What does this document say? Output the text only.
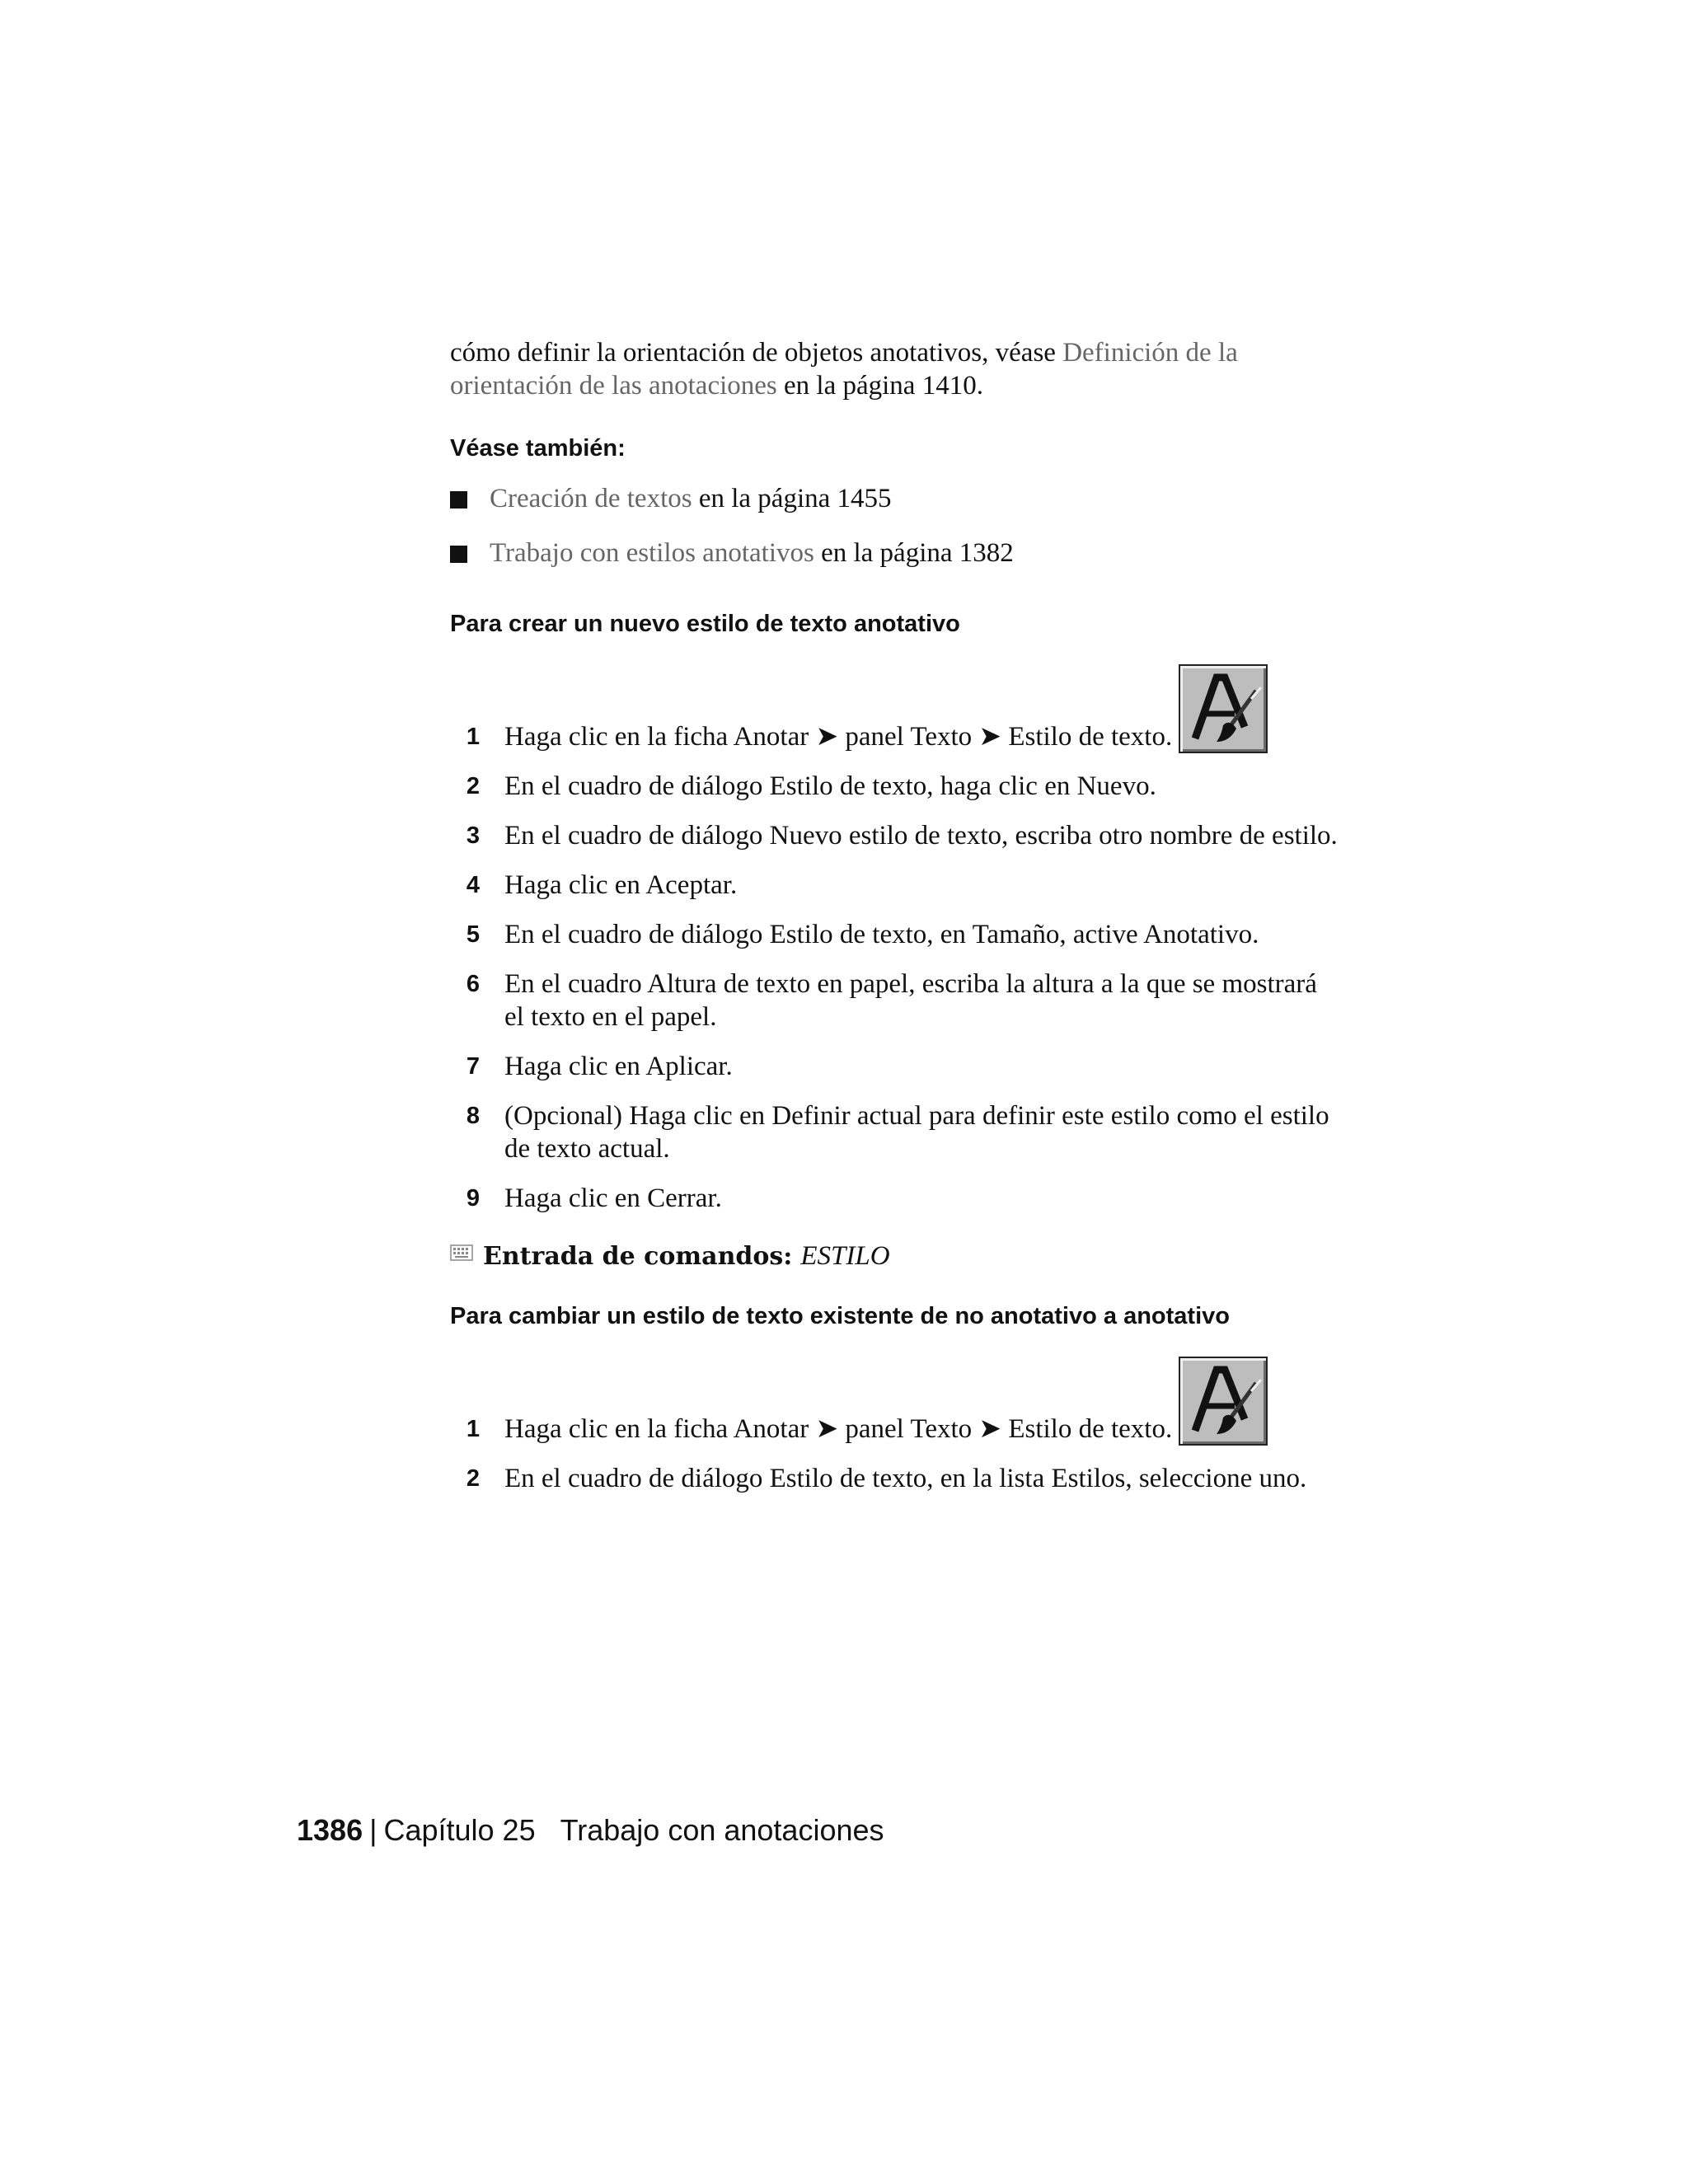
cómo definir la orientación de objetos anotativos, véase Definición de la orientación de las anotaciones en la página 1410.

Véase también:

Creación de textos en la página 1455
Trabajo con estilos anotativos en la página 1382

Para crear un nuevo estilo de texto anotativo

1 Haga clic en la ficha Anotar ➤ panel Texto ➤ Estilo de texto.
2 En el cuadro de diálogo Estilo de texto, haga clic en Nuevo.
3 En el cuadro de diálogo Nuevo estilo de texto, escriba otro nombre de estilo.
4 Haga clic en Aceptar.
5 En el cuadro de diálogo Estilo de texto, en Tamaño, active Anotativo.
6 En el cuadro Altura de texto en papel, escriba la altura a la que se mostrará el texto en el papel.
7 Haga clic en Aplicar.
8 (Opcional) Haga clic en Definir actual para definir este estilo como el estilo de texto actual.
9 Haga clic en Cerrar.
Entrada de comandos: ESTILO

Para cambiar un estilo de texto existente de no anotativo a anotativo

1 Haga clic en la ficha Anotar ➤ panel Texto ➤ Estilo de texto.
2 En el cuadro de diálogo Estilo de texto, en la lista Estilos, seleccione uno.
1386 | Capítulo 25 Trabajo con anotaciones
